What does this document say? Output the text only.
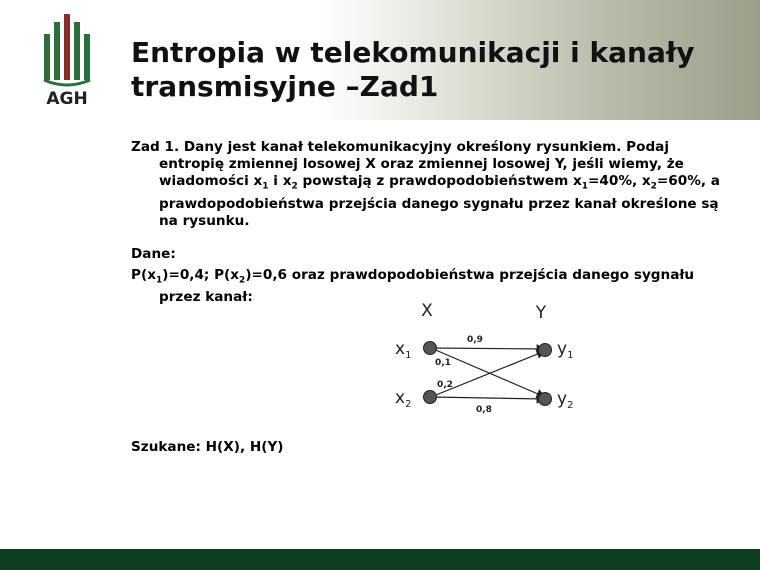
AGH
Entropia w telekomunikacji i kanały
transmisyjne –Zad1

Zad 1. Dany jest kanał telekomunikacyjny określony rysunkiem. Podaj entropię zmiennej losowej X oraz zmiennej losowej Y, jeśli wiemy, że wiadomości $x_1$ i $x_2$ powstają z prawdopodobieństwem $x_1=40\%$, $x_2=60\%$, a prawdopodobieństwa przejścia danego sygnału przez kanał określone są na rysunku.

Dane:

$P(x_1)=0,4$; $P(x_2)=0,6$ oraz prawdopodobieństwa przejścia danego sygnału przez kanał:

X	Y
$x_1$
$x_2$
$y_1$
$y_2$
0,9
0,1
0,2
0,8
Szukane: H(X), H(Y)
